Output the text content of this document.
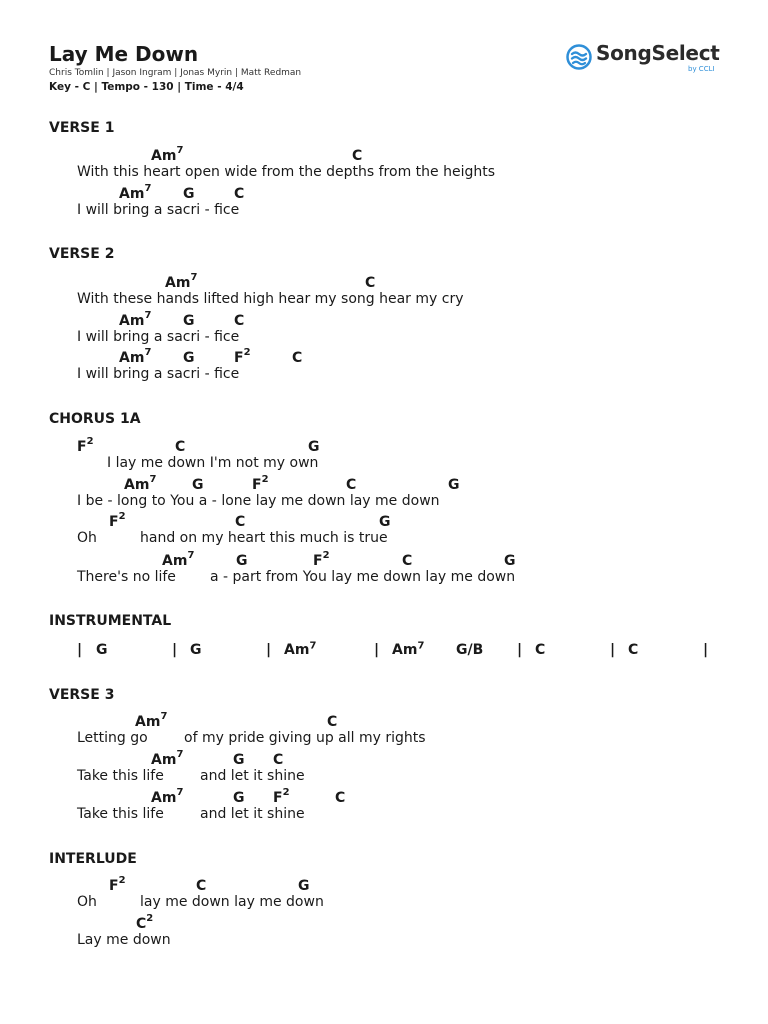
Lay Me Down
Chris Tomlin | Jason Ingram | Jonas Myrin | Matt Redman
Key - C | Tempo - 130 | Time - 4/4
SongSelect
by CCLI
VERSE 1
Am$^7$	C
With this heart open wide from the depths from the heights
Am$^7$ G	C
I will bring a sacri - fice
VERSE 2
Am$^7$	C
With these hands lifted high hear my song hear my cry
Am$^7$ G	C
I will bring a sacri - fice
Am$^7$ G	$F^2$	C
I will bring a sacri - fice
CHORUS 1A
$F^2$	C	G
I lay me down I'm not my own
Am$^7$	G	$F^2$	C	G
I be - long to You a - lone lay me down lay me down
$F^2$	C	G
Oh	hand on my heart this much is true
Am$^7$	G	$F^2$	C	G
There's no life a - part from You lay me down lay me down
INSTRUMENTAL
| G	| G	| Am$^7$	| Am$^7$ G/B | C	| C	|
VERSE 3
Am$^7$	C
Letting go	of my pride giving up all my rights
Am$^7$	G C
Take this life	and let it shine
Am$^7$	G $F^2$	C
Take this life	and let it shine
INTERLUDE
$F^2$	C	G
Oh	lay me down lay me down
$C^2$
Lay me down
